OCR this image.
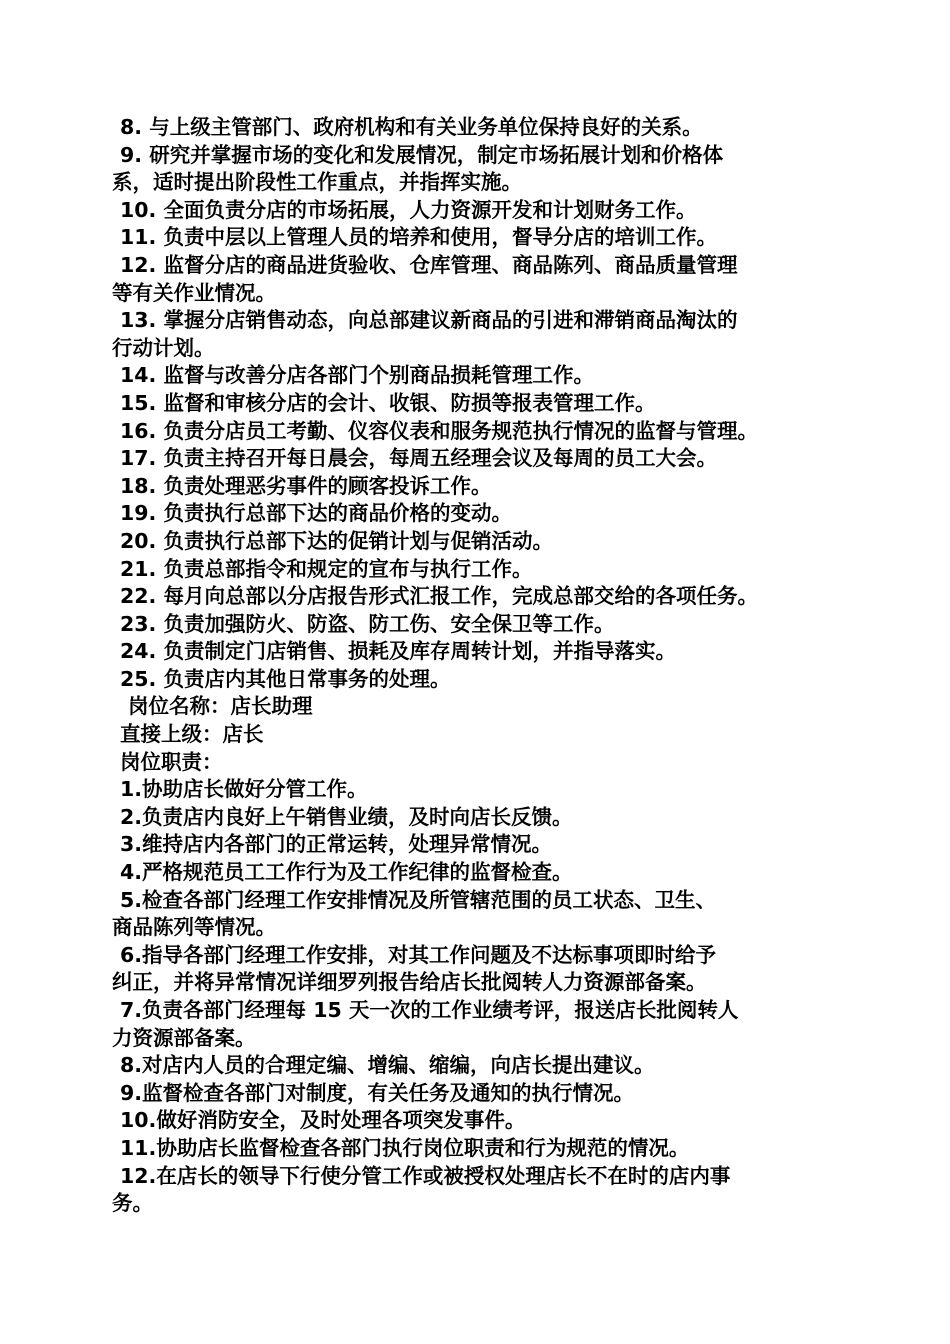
8. 与上级主管部门、政府机构和有关业务单位保持良好的关系。
9. 研究并掌握市场的变化和发展情况，制定市场拓展计划和价格体
系，适时提出阶段性工作重点，并指挥实施。
10. 全面负责分店的市场拓展，人力资源开发和计划财务工作。
11. 负责中层以上管理人员的培养和使用，督导分店的培训工作。
12. 监督分店的商品进货验收、仓库管理、商品陈列、商品质量管理
等有关作业情况。
13. 掌握分店销售动态，向总部建议新商品的引进和滞销商品淘汰的
行动计划。
14. 监督与改善分店各部门个别商品损耗管理工作。
15. 监督和审核分店的会计、收银、防损等报表管理工作。
16. 负责分店员工考勤、仪容仪表和服务规范执行情况的监督与管理。
17. 负责主持召开每日晨会，每周五经理会议及每周的员工大会。
18. 负责处理恶劣事件的顾客投诉工作。
19. 负责执行总部下达的商品价格的变动。
20. 负责执行总部下达的促销计划与促销活动。
21. 负责总部指令和规定的宣布与执行工作。
22. 每月向总部以分店报告形式汇报工作，完成总部交给的各项任务。
23. 负责加强防火、防盗、防工伤、安全保卫等工作。
24. 负责制定门店销售、损耗及库存周转计划，并指导落实。
25. 负责店内其他日常事务的处理。
岗位名称：店长助理
直接上级：店长
岗位职责：
1.协助店长做好分管工作。
2.负责店内良好上午销售业绩，及时向店长反馈。
3.维持店内各部门的正常运转，处理异常情况。
4.严格规范员工工作行为及工作纪律的监督检查。
5.检查各部门经理工作安排情况及所管辖范围的员工状态、卫生、
商品陈列等情况。
6.指导各部门经理工作安排，对其工作问题及不达标事项即时给予
纠正，并将异常情况详细罗列报告给店长批阅转人力资源部备案。
7.负责各部门经理每 15 天一次的工作业绩考评，报送店长批阅转人
力资源部备案。
8.对店内人员的合理定编、增编、缩编，向店长提出建议。
9.监督检查各部门对制度，有关任务及通知的执行情况。
10.做好消防安全，及时处理各项突发事件。
11.协助店长监督检查各部门执行岗位职责和行为规范的情况。
12.在店长的领导下行使分管工作或被授权处理店长不在时的店内事
务。
